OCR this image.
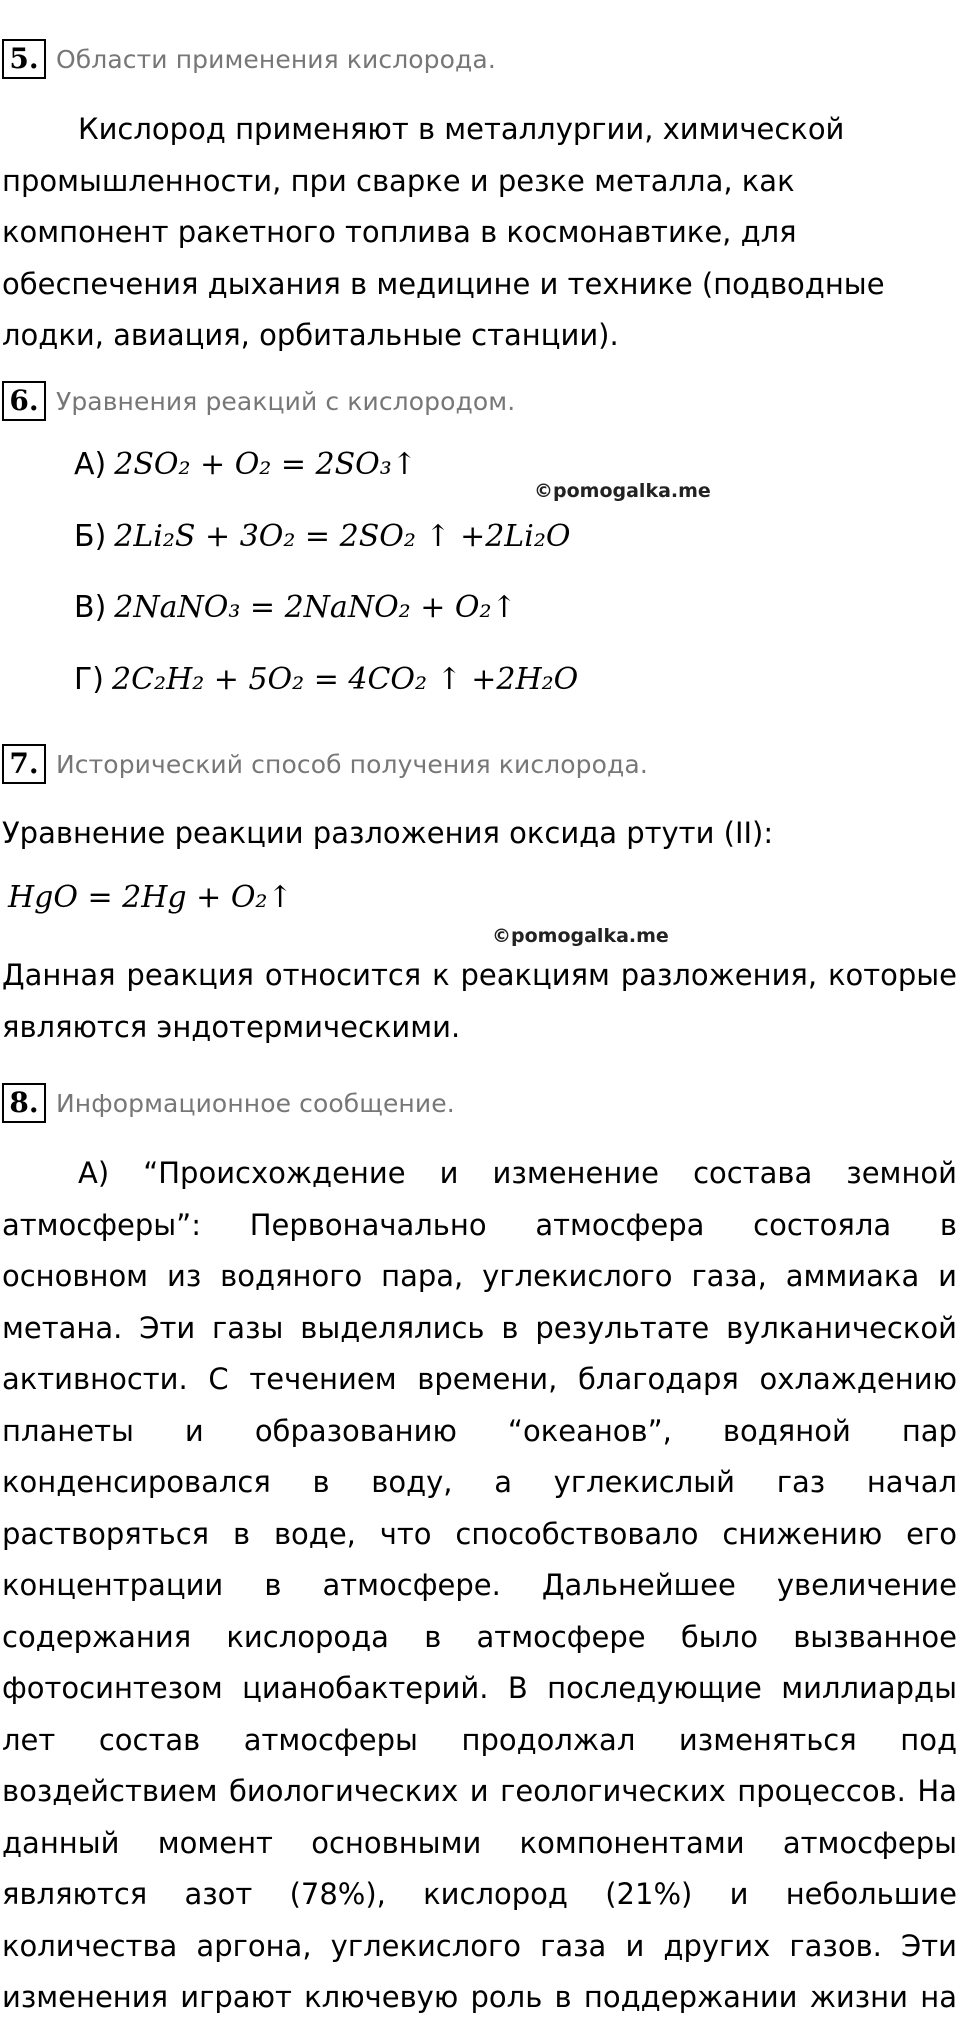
5. Области применения кислорода.
Кислород применяют в металлургии, химической
промышленности, при сварке и резке металла, как
компонент ракетного топлива в космонавтике, для
обеспечения дыхания в медицине и технике (подводные
лодки, авиация, орбитальные станции).
6. Уравнения реакций с кислородом.
А) 2SO₂ + O₂ = 2SO₃↑
©pomogalka.me
Б) 2Li₂S + 3O₂ = 2SO₂ ↑ +2Li₂O
В) 2NaNO₃ = 2NaNO₂ + O₂↑
Г) 2C₂H₂ + 5O₂ = 4CO₂ ↑ +2H₂O
7. Исторический способ получения кислорода.
Уравнение реакции разложения оксида ртути (II):
HgO = 2Hg + O₂↑
©pomogalka.me
Данная реакция относится к реакциям разложения, которые
являются эндотермическими.
8. Информационное сообщение.
А) “Происхождение и изменение состава земной
атмосферы”: Первоначально атмосфера состояла в
основном из водяного пара, углекислого газа, аммиака и
метана. Эти газы выделялись в результате вулканической
активности. С течением времени, благодаря охлаждению
планеты и образованию “океанов”, водяной пар
конденсировался в воду, а углекислый газ начал
растворяться в воде, что способствовало снижению его
концентрации в атмосфере. Дальнейшее увеличение
содержания кислорода в атмосфере было вызванное
фотосинтезом цианобактерий. В последующие миллиарды
лет состав атмосферы продолжал изменяться под
воздействием биологических и геологических процессов. На
данный момент основными компонентами атмосферы
являются азот (78%), кислород (21%) и небольшие
количества аргона, углекислого газа и других газов. Эти
изменения играют ключевую роль в поддержании жизни на
